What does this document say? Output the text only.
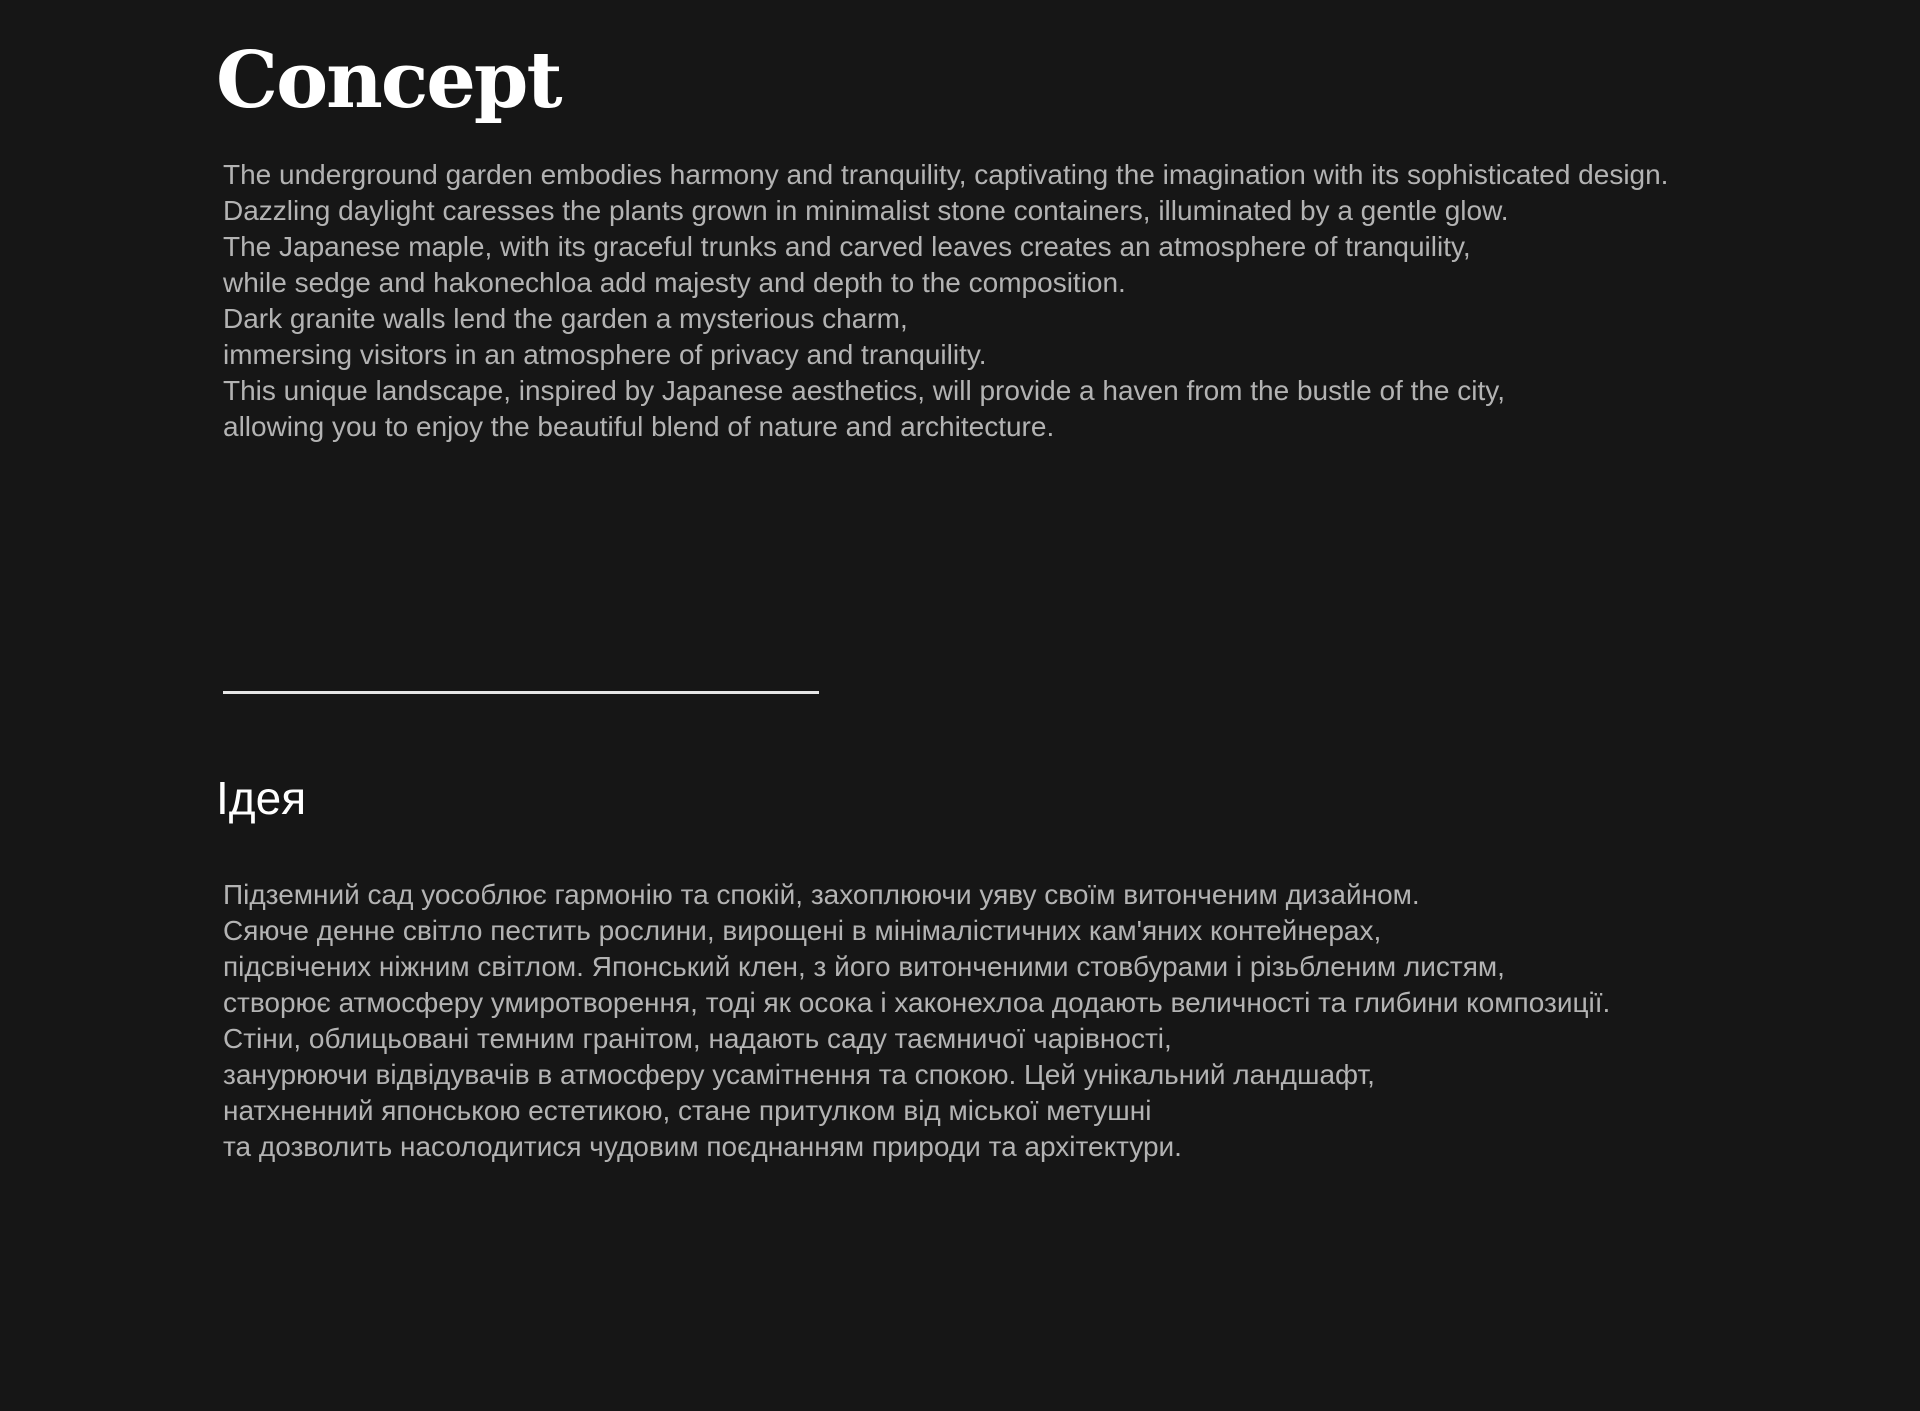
Concept

The underground garden embodies harmony and tranquility, captivating the imagination with its sophisticated design.
Dazzling daylight caresses the plants grown in minimalist stone containers, illuminated by a gentle glow.
The Japanese maple, with its graceful trunks and carved leaves creates an atmosphere of tranquility,
while sedge and hakonechloa add majesty and depth to the composition.
Dark granite walls lend the garden a mysterious charm,
immersing visitors in an atmosphere of privacy and tranquility.
This unique landscape, inspired by Japanese aesthetics, will provide a haven from the bustle of the city,
allowing you to enjoy the beautiful blend of nature and architecture.

Ідея

Підземний сад уособлює гармонію та спокій, захоплюючи уяву своїм витонченим дизайном.
Сяюче денне світло пестить рослини, вирощені в мінімалістичних кам'яних контейнерах,
підсвічених ніжним світлом. Японський клен, з його витонченими стовбурами і різьбленим листям,
створює атмосферу умиротворення, тоді як осока і хаконехлоа додають величності та глибини композиції.
Стіни, облицьовані темним гранітом, надають саду таємничої чарівності,
занурюючи відвідувачів в атмосферу усамітнення та спокою. Цей унікальний ландшафт,
натхненний японською естетикою, стане притулком від міської метушні
та дозволить насолодитися чудовим поєднанням природи та архітектури.
